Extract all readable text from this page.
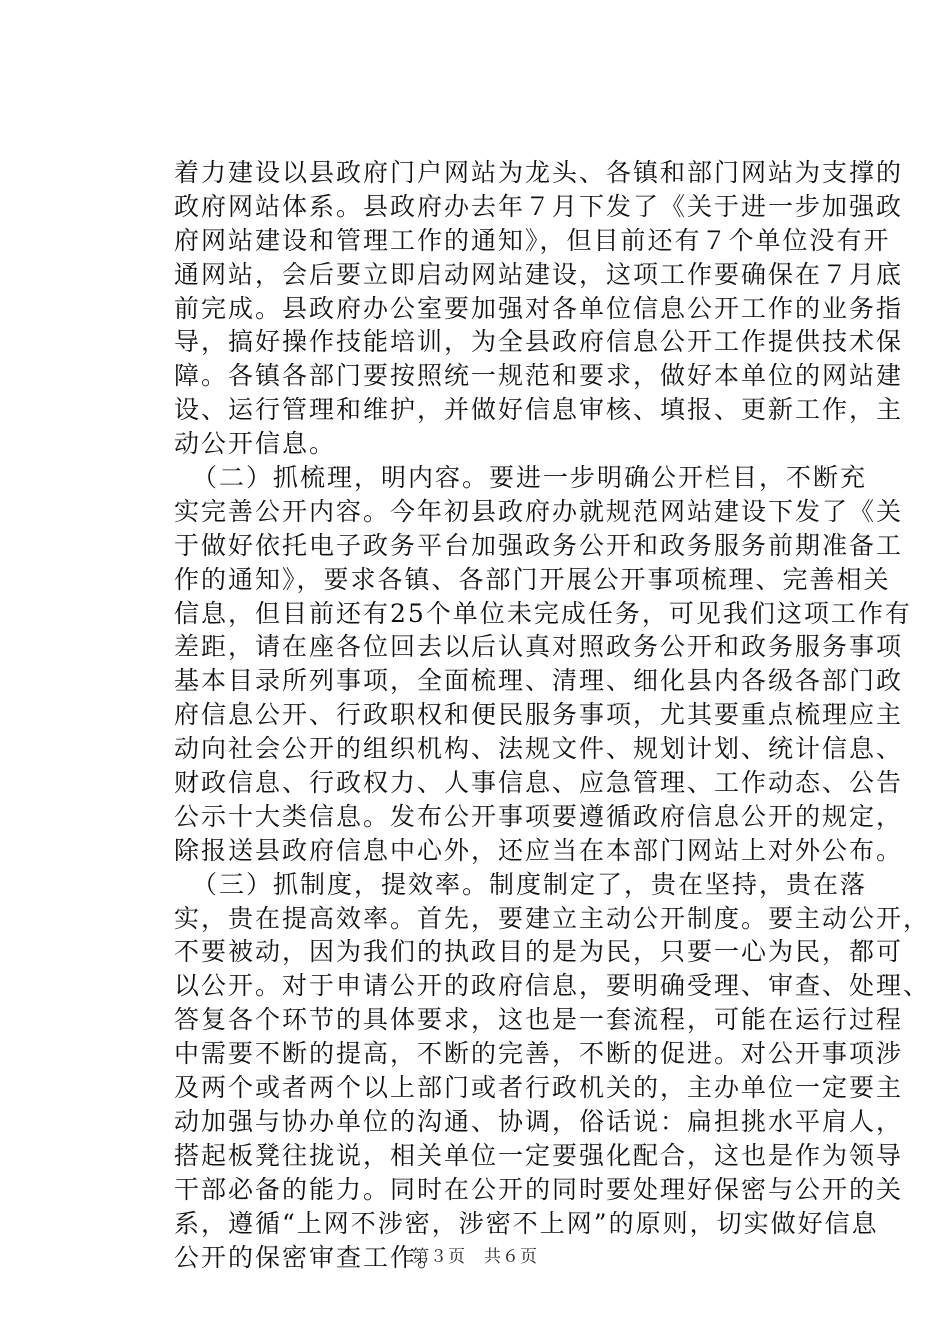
着力建设以县政府门户网站为龙头、各镇和部门网站为支撑的
政府网站体系。县政府办去年７月下发了《关于进一步加强政
府网站建设和管理工作的通知》，但目前还有７个单位没有开
通网站，会后要立即启动网站建设，这项工作要确保在７月底
前完成。县政府办公室要加强对各单位信息公开工作的业务指
导，搞好操作技能培训，为全县政府信息公开工作提供技术保
障。各镇各部门要按照统一规范和要求，做好本单位的网站建
设、运行管理和维护，并做好信息审核、填报、更新工作，主
动公开信息。
（二）抓梳理，明内容。要进一步明确公开栏目，不断充
实完善公开内容。今年初县政府办就规范网站建设下发了《关
于做好依托电子政务平台加强政务公开和政务服务前期准备工
作的通知》，要求各镇、各部门开展公开事项梳理、完善相关
信息，但目前还有25个单位未完成任务，可见我们这项工作有
差距，请在座各位回去以后认真对照政务公开和政务服务事项
基本目录所列事项，全面梳理、清理、细化县内各级各部门政
府信息公开、行政职权和便民服务事项，尤其要重点梳理应主
动向社会公开的组织机构、法规文件、规划计划、统计信息、
财政信息、行政权力、人事信息、应急管理、工作动态、公告
公示十大类信息。发布公开事项要遵循政府信息公开的规定，
除报送县政府信息中心外，还应当在本部门网站上对外公布。
（三）抓制度，提效率。制度制定了，贵在坚持，贵在落
实，贵在提高效率。首先，要建立主动公开制度。要主动公开，
不要被动，因为我们的执政目的是为民，只要一心为民，都可
以公开。对于申请公开的政府信息，要明确受理、审查、处理、
答复各个环节的具体要求，这也是一套流程，可能在运行过程
中需要不断的提高，不断的完善，不断的促进。对公开事项涉
及两个或者两个以上部门或者行政机关的，主办单位一定要主
动加强与协办单位的沟通、协调，俗话说：扁担挑水平肩人，
搭起板凳往拢说，相关单位一定要强化配合，这也是作为领导
干部必备的能力。同时在公开的同时要处理好保密与公开的关
系，遵循“上网不涉密，涉密不上网”的原则，切实做好信息
公开的保密审查工作。
第３页　共６页
